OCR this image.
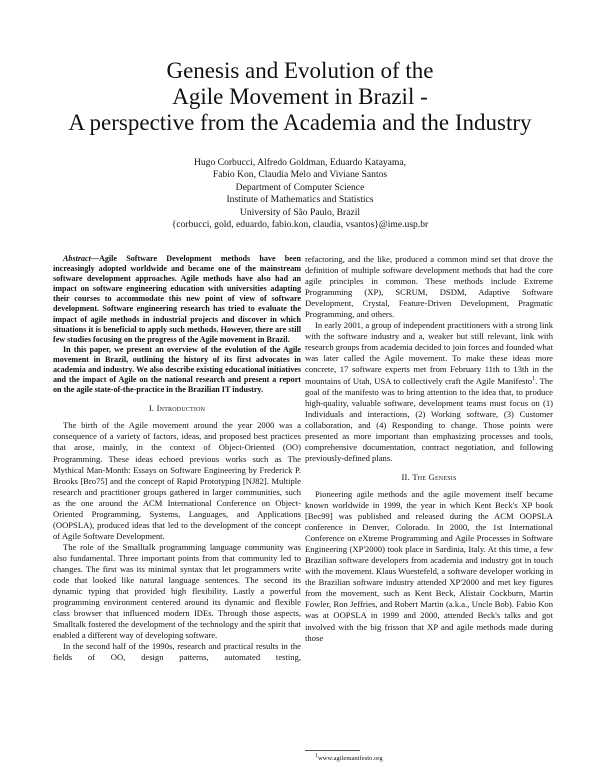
Genesis and Evolution of the
Agile Movement in Brazil -
A perspective from the Academia and the Industry
Hugo Corbucci, Alfredo Goldman, Eduardo Katayama,
Fabio Kon, Claudia Melo and Viviane Santos
Department of Computer Science
Institute of Mathematics and Statistics
University of São Paulo, Brazil
{corbucci, gold, eduardo, fabio.kon, claudia, vsantos}@ime.usp.br

Abstract—Agile Software Development methods have been increasingly adopted worldwide and became one of the mainstream software development approaches. Agile methods have also had an impact on software engineering education with universities adapting their courses to accommodate this new point of view of software development. Software engineering research has tried to evaluate the impact of agile methods in industrial projects and discover in which situations it is beneficial to apply such methods. However, there are still few studies focusing on the progress of the Agile movement in Brazil.

In this paper, we present an overview of the evolution of the Agile movement in Brazil, outlining the history of its first advocates in academia and industry. We also describe existing educational initiatives and the impact of Agile on the national research and present a report on the agile state-of-the-practice in the Brazilian IT industry.

I. Introduction

The birth of the Agile movement around the year 2000 was a consequence of a variety of factors, ideas, and proposed best practices that arose, mainly, in the context of Object-Oriented (OO) Programming. These ideas echoed previous works such as The Mythical Man-Month: Essays on Software Engineering by Frederick P. Brooks [Bro75] and the concept of Rapid Prototyping [NJ82]. Multiple research and practitioner groups gathered in larger communities, such as the one around the ACM International Conference on Object-Oriented Programming, Systems, Languages, and Applications (OOPSLA), produced ideas that led to the development of the concept of Agile Software Development.

The role of the Smalltalk programming language community was also fundamental. Three important points from that community led to changes. The first was its minimal syntax that let programmers write code that looked like natural language sentences. The second its dynamic typing that provided high flexibility. Lastly a powerful programming environment centered around its dynamic and flexible class browser that influenced modern IDEs. Through those aspects, Smalltalk fostered the development of the technology and the spirit that enabled a different way of developing software.

In the second half of the 1990s, research and practical results in the fields of OO, design patterns, automated testing,

refactoring, and the like, produced a common mind set that drove the definition of multiple software development methods that had the core agile principles in common. These methods include Extreme Programming (XP), SCRUM, DSDM, Adaptive Software Development, Crystal, Feature-Driven Development, Pragmatic Programming, and others.

In early 2001, a group of independent practitioners with a strong link with the software industry and a, weaker but still relevant, link with research groups from academia decided to join forces and founded what was later called the Agile movement. To make these ideas more concrete, 17 software experts met from February 11th to 13th in the mountains of Utah, USA to collectively craft the Agile Manifesto$^1$. The goal of the manifesto was to bring attention to the idea that, to produce high-quality, valuable software, development teams must focus on (1) Individuals and interactions, (2) Working software, (3) Customer collaboration, and (4) Responding to change. Those points were presented as more important than emphasizing processes and tools, comprehensive documentation, contract negotiation, and following previously-defined plans.

II. The Genesis

Pioneering agile methods and the agile movement itself became known worldwide in 1999, the year in which Kent Beck's XP book [Bec99] was published and released during the ACM OOPSLA conference in Denver, Colorado. In 2000, the 1st International Conference on eXtreme Programming and Agile Processes in Software Engineering (XP'2000) took place in Sardinia, Italy. At this time, a few Brazilian software developers from academia and industry got in touch with the movement. Klaus Wuestefeld, a software developer working in the Brazilian software industry attended XP'2000 and met key figures from the movement, such as Kent Beck, Alistair Cockburn, Martin Fowler, Ron Jeffries, and Robert Martin (a.k.a., Uncle Bob). Fabio Kon was at OOPSLA in 1999 and 2000, attended Beck's talks and got involved with the big frisson that XP and agile methods made during those

$^1$www.agilemanifesto.org
